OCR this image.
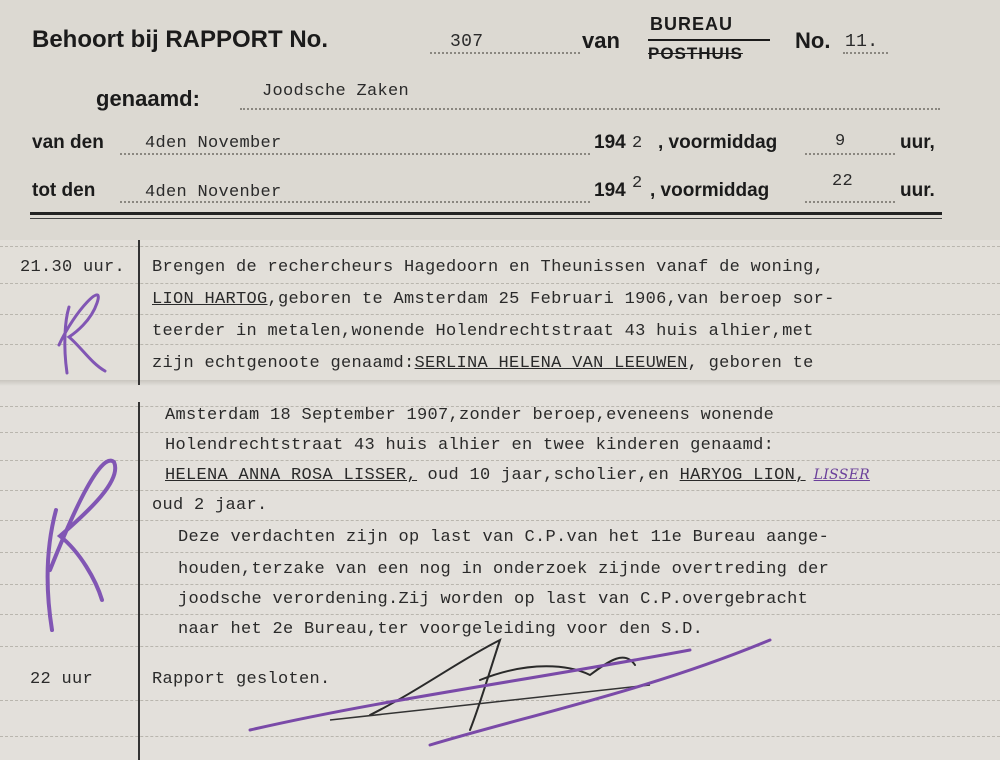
Behoort bij RAPPORT No.	307	van
BUREAU
POSTHUIS
No. 11.
genaamd:	Joodsche Zaken
van den 4den November	194 2 , voormiddag	9	uur,
tot den	4den Novenber	194 2 , voormiddag	22 uur.
21.30 uur. Brengen de rechercheurs Hagedoorn en Theunissen vanaf de woning,
LION HARTOG,geboren te Amsterdam 25 Februari 1906,van beroep sor-
teerder in metalen,wonende Holendrechtstraat 43 huis alhier,met
zijn echtgenoote genaamd:SERLINA HELENA VAN LEEUWEN, geboren te
Amsterdam 18 September 1907,zonder beroep,eveneens wonende
Holendrechtstraat 43 huis alhier en twee kinderen genaamd:
HELENA ANNA ROSA LISSER, oud 10 jaar,scholier,en HARYOG LION, LISSER
oud 2 jaar.
Deze verdachten zijn op last van C.P.van het 11e Bureau aange-
houden,terzake van een nog in onderzoek zijnde overtreding der
joodsche verordening.Zij worden op last van C.P.overgebracht
naar het 2e Bureau,ter voorgeleiding voor den S.D.
22 uur	Rapport gesloten.
